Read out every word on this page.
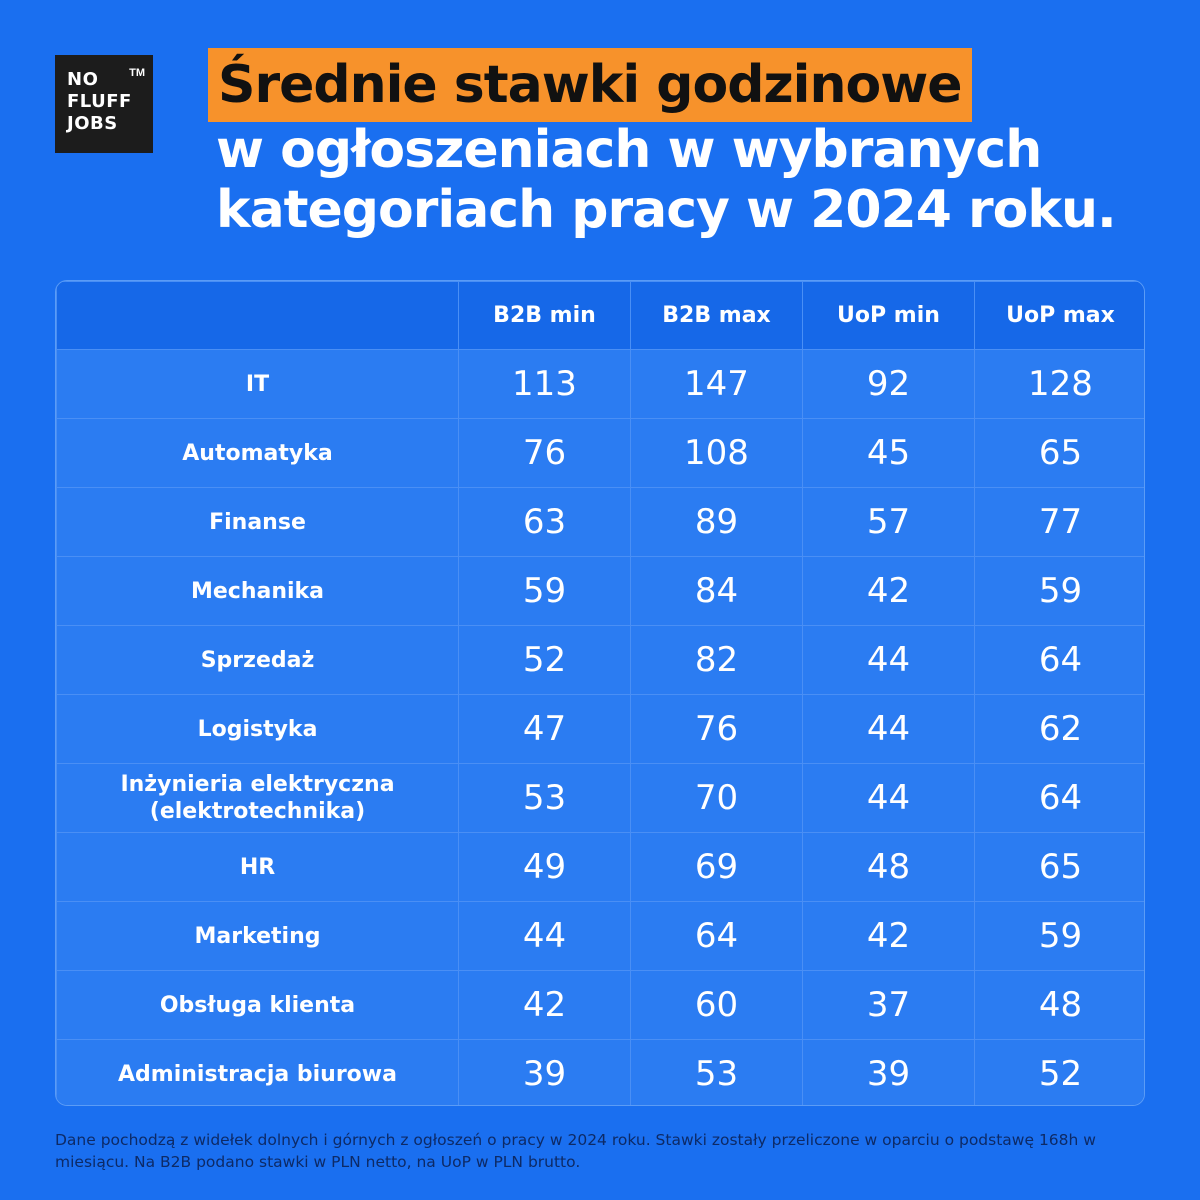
NO
FLUFF
JOBS
TM Średnie stawki godzinowe
w ogłoszeniach w wybranych
kategoriach pracy w 2024 roku.
	B2B min	B2B max	UoP min	UoP max
IT	113	147	92	128
Automatyka	76	108	45	65
Finanse	63	89	57	77
Mechanika	59	84	42	59
Sprzedaż	52	82	44	64
Logistyka	47	76	44	62
Inżynieria elektryczna
(elektrotechnika)	53	70	44	64
HR	49	69	48	65
Marketing	44	64	42	59
Obsługa klienta	42	60	37	48
Administracja biurowa	39	53	39	52
Dane pochodzą z widełek dolnych i górnych z ogłoszeń o pracy w 2024 roku. Stawki zostały przeliczone w oparciu o podstawę 168h w miesiącu. Na B2B podano stawki w PLN netto, na UoP w PLN brutto.
